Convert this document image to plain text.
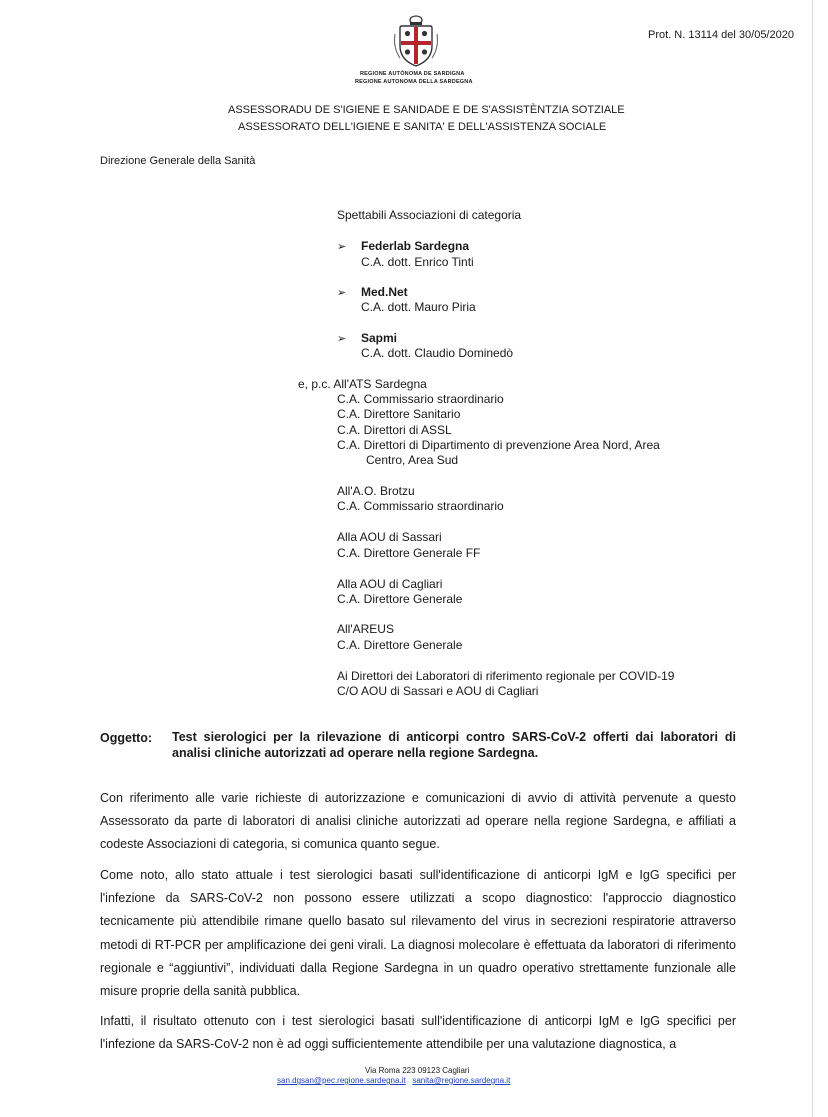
Prot. N. 13114 del 30/05/2020
REGIONE AUTÒNOMA DE SARDIGNA
REGIONE AUTONOMA DELLA SARDEGNA
ASSESSORADU DE S'IGIENE E SANIDADE E DE S'ASSISTÈNTZIA SOTZIALE
ASSESSORATO DELL'IGIENE E SANITA' E DELL'ASSISTENZA SOCIALE
Direzione Generale della Sanità
Spettabili Associazioni di categoria
➢ Federlab Sardegna
C.A. dott. Enrico Tinti
➢ Med.Net
C.A. dott. Mauro Piria
➢ Sapmi
C.A. dott. Claudio Dominedò
e, p.c. All'ATS Sardegna
C.A. Commissario straordinario
C.A. Direttore Sanitario
C.A. Direttori di ASSL
C.A. Direttori di Dipartimento di prevenzione Area Nord, Area
Centro, Area Sud
All'A.O. Brotzu
C.A. Commissario straordinario
Alla AOU di Sassari
C.A. Direttore Generale FF
Alla AOU di Cagliari
C.A. Direttore Generale
All'AREUS
C.A. Direttore Generale
Ai Direttori dei Laboratori di riferimento regionale per COVID-19
C/O AOU di Sassari e AOU di Cagliari
Oggetto: Test sierologici per la rilevazione di anticorpi contro SARS-CoV-2 offerti dai laboratori di analisi cliniche autorizzati ad operare nella regione Sardegna.
Con riferimento alle varie richieste di autorizzazione e comunicazioni di avvio di attività pervenute a questo Assessorato da parte di laboratori di analisi cliniche autorizzati ad operare nella regione Sardegna, e affiliati a codeste Associazioni di categoria, si comunica quanto segue.
Come noto, allo stato attuale i test sierologici basati sull'identificazione di anticorpi IgM e IgG specifici per l'infezione da SARS-CoV-2 non possono essere utilizzati a scopo diagnostico: l'approccio diagnostico tecnicamente più attendibile rimane quello basato sul rilevamento del virus in secrezioni respiratorie attraverso metodi di RT-PCR per amplificazione dei geni virali. La diagnosi molecolare è effettuata da laboratori di riferimento regionale e “aggiuntivi”, individuati dalla Regione Sardegna in un quadro operativo strettamente funzionale alle misure proprie della sanità pubblica.
Infatti, il risultato ottenuto con i test sierologici basati sull'identificazione di anticorpi IgM e IgG specifici per l'infezione da SARS-CoV-2 non è ad oggi sufficientemente attendibile per una valutazione diagnostica, a
Via Roma 223 09123 Cagliari
san.dgsan@pec.regione.sardegna.it sanita@regione.sardegna.it
